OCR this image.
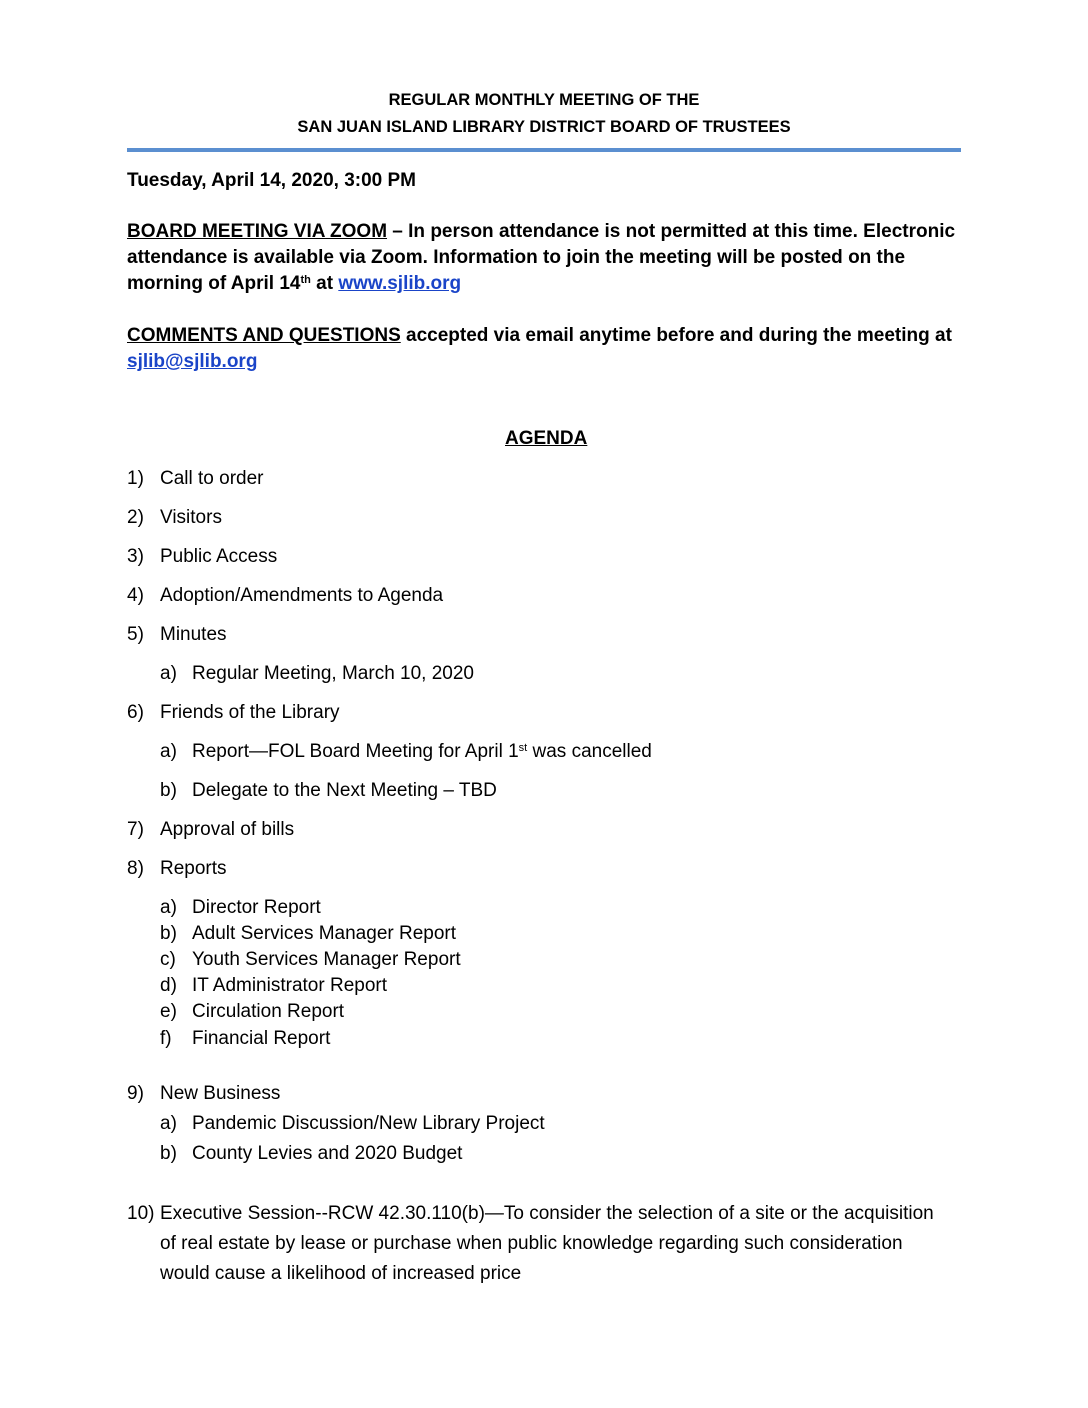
REGULAR MONTHLY MEETING OF THE
SAN JUAN ISLAND LIBRARY DISTRICT BOARD OF TRUSTEES
Tuesday, April 14, 2020, 3:00 PM
BOARD MEETING VIA ZOOM – In person attendance is not permitted at this time. Electronic
attendance is available via Zoom. Information to join the meeting will be posted on the
morning of April 14th at www.sjlib.org
COMMENTS AND QUESTIONS accepted via email anytime before and during the meeting at
sjlib@sjlib.org
AGENDA
1) Call to order
2) Visitors
3) Public Access
4) Adoption/Amendments to Agenda
5) Minutes
a) Regular Meeting, March 10, 2020
6) Friends of the Library
a) Report—FOL Board Meeting for April 1st was cancelled
b) Delegate to the Next Meeting – TBD
7) Approval of bills
8) Reports
a) Director Report
b) Adult Services Manager Report
c) Youth Services Manager Report
d) IT Administrator Report
e) Circulation Report
f) Financial Report
9) New Business
a) Pandemic Discussion/New Library Project
b) County Levies and 2020 Budget
10) Executive Session--RCW 42.30.110(b)—To consider the selection of a site or the acquisition
of real estate by lease or purchase when public knowledge regarding such consideration
would cause a likelihood of increased price
